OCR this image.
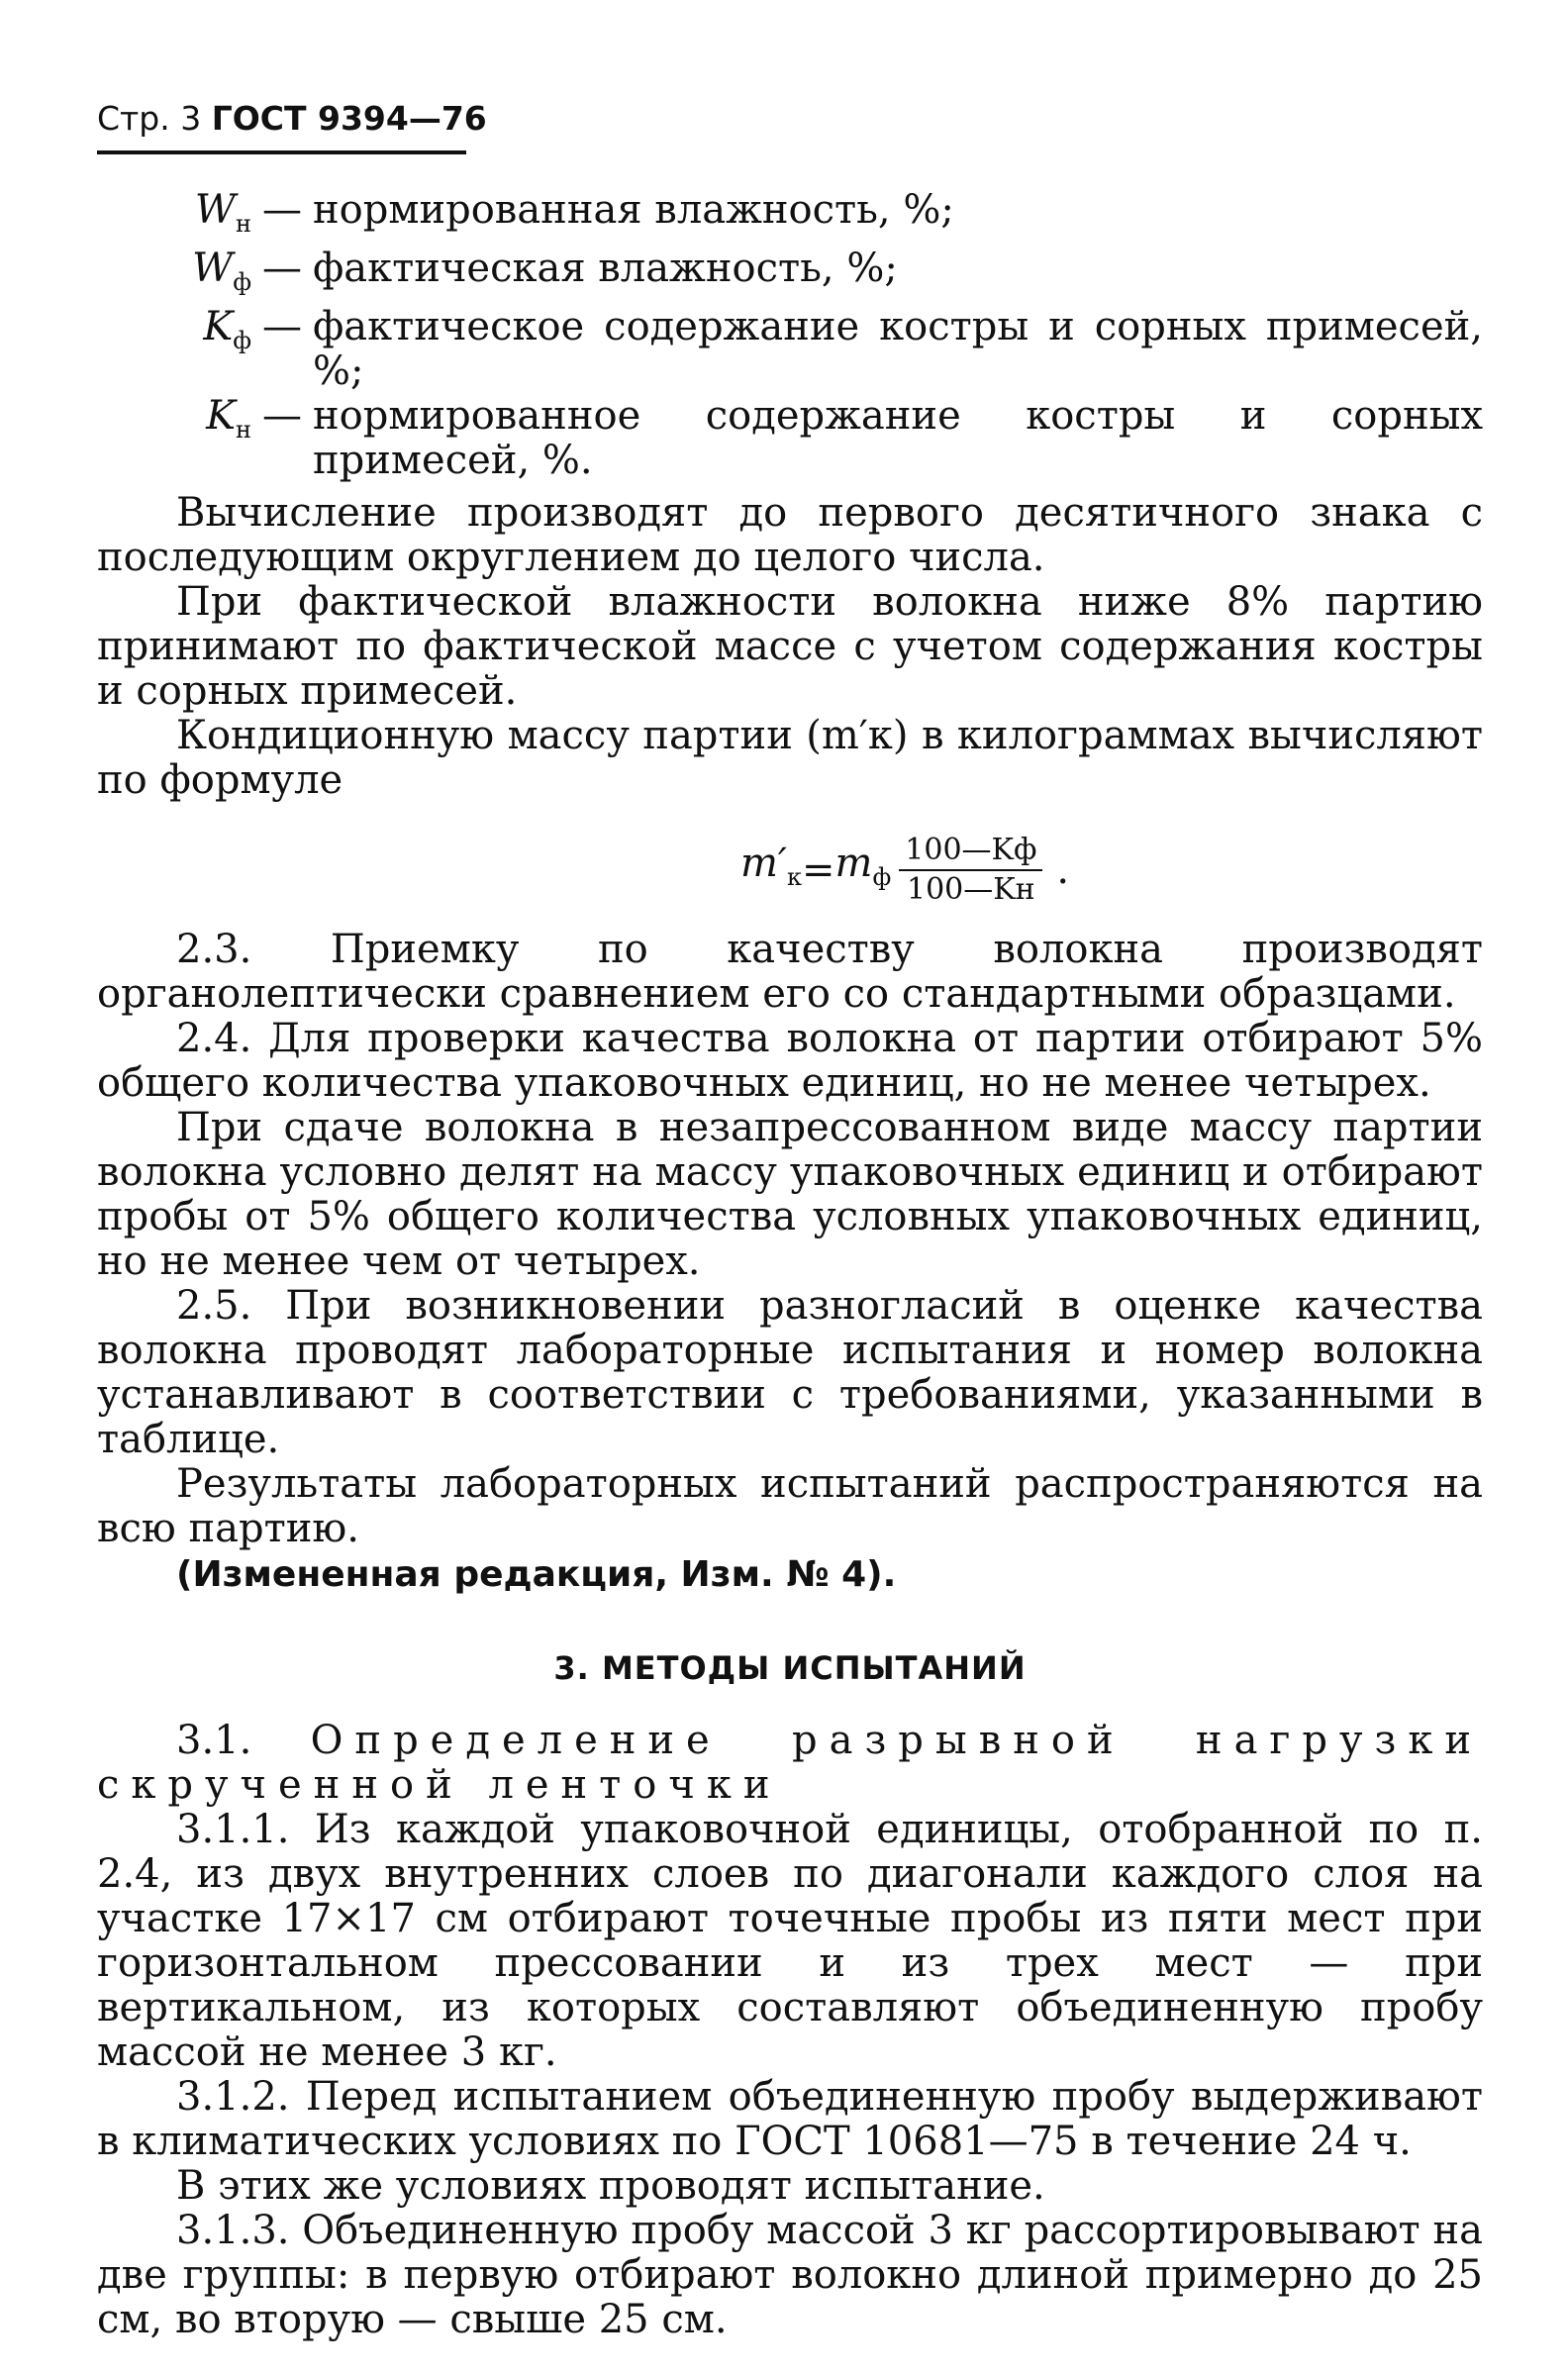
Стр. 3 ГОСТ 9394—76
$W_н$ — нормированная влажность, %;
$W_ф$ — фактическая влажность, %;
$K_ф$ — фактическое содержание костры и сорных примесей, %;
$K_н$ — нормированное содержание костры и сорных примесей, %.

Вычисление производят до первого десятичного знака с последующим округлением до целого числа.

При фактической влажности волокна ниже 8% партию принимают по фактической массе с учетом содержания костры и сорных примесей.

Кондиционную массу партии (m′к) в килограммах вычисляют по формуле

$m'_к = m_ф \frac{100—Kф}{100—Kн}$ .

2.3. Приемку по качеству волокна производят органолептически сравнением его со стандартными образцами.

2.4. Для проверки качества волокна от партии отбирают 5% общего количества упаковочных единиц, но не менее четырех.

При сдаче волокна в незапрессованном виде массу партии волокна условно делят на массу упаковочных единиц и отбирают пробы от 5% общего количества условных упаковочных единиц, но не менее чем от четырех.

2.5. При возникновении разногласий в оценке качества волокна проводят лабораторные испытания и номер волокна устанавливают в соответствии с требованиями, указанными в таблице.

Результаты лабораторных испытаний распространяются на всю партию.

(Измененная редакция, Изм. № 4).

3. МЕТОДЫ ИСПЫТАНИЙ

3.1. Определение разрывной нагрузки скрученной ленточки

3.1.1. Из каждой упаковочной единицы, отобранной по п. 2.4, из двух внутренних слоев по диагонали каждого слоя на участке 17×17 см отбирают точечные пробы из пяти мест при горизонтальном прессовании и из трех мест — при вертикальном, из которых составляют объединенную пробу массой не менее 3 кг.

3.1.2. Перед испытанием объединенную пробу выдерживают в климатических условиях по ГОСТ 10681—75 в течение 24 ч.

В этих же условиях проводят испытание.

3.1.3. Объединенную пробу массой 3 кг рассортировывают на две группы: в первую отбирают волокно длиной примерно до 25 см, во вторую — свыше 25 см.
